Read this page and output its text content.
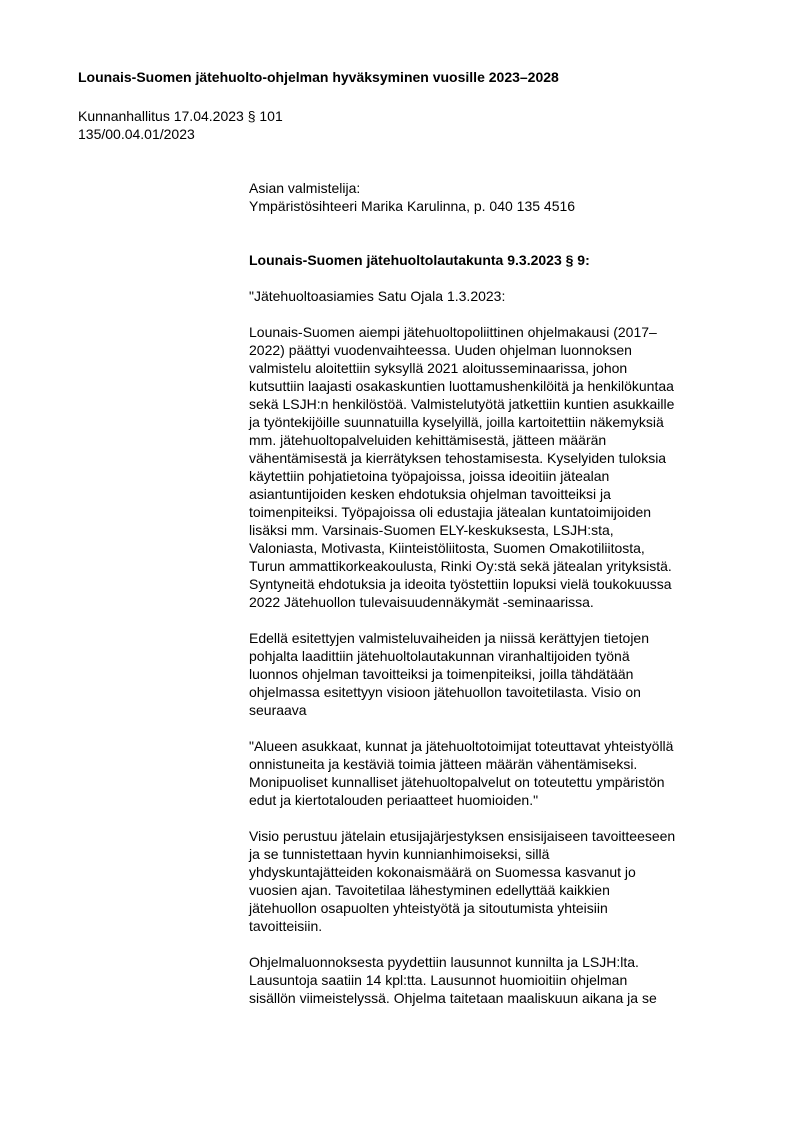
Lounais-Suomen jätehuolto-ohjelman hyväksyminen vuosille 2023–2028
Kunnanhallitus 17.04.2023 § 101
135/00.04.01/2023
Asian valmistelija:
Ympäristösihteeri Marika Karulinna, p. 040 135 4516
Lounais-Suomen jätehuoltolautakunta 9.3.2023 § 9:
"Jätehuoltoasiamies Satu Ojala 1.3.2023:
Lounais-Suomen aiempi jätehuoltopoliittinen ohjelmakausi (2017–
2022) päättyi vuodenvaihteessa. Uuden ohjelman luonnoksen
valmistelu aloitettiin syksyllä 2021 aloitusseminaarissa, johon
kutsuttiin laajasti osakaskuntien luottamushenkilöitä ja henkilökuntaa
sekä LSJH:n henkilöstöä. Valmistelutyötä jatkettiin kuntien asukkaille
ja työntekijöille suunnatuilla kyselyillä, joilla kartoitettiin näkemyksiä
mm. jätehuoltopalveluiden kehittämisestä, jätteen määrän
vähentämisestä ja kierrätyksen tehostamisesta. Kyselyiden tuloksia
käytettiin pohjatietoina työpajoissa, joissa ideoitiin jätealan
asiantuntijoiden kesken ehdotuksia ohjelman tavoitteiksi ja
toimenpiteiksi. Työpajoissa oli edustajia jätealan kuntatoimijoiden
lisäksi mm. Varsinais-Suomen ELY-keskuksesta, LSJH:sta,
Valoniasta, Motivasta, Kiinteistöliitosta, Suomen Omakotiliitosta,
Turun ammattikorkeakoulusta, Rinki Oy:stä sekä jätealan yrityksistä.
Syntyneitä ehdotuksia ja ideoita työstettiin lopuksi vielä toukokuussa
2022 Jätehuollon tulevaisuudennäkymät -seminaarissa.
Edellä esitettyjen valmisteluvaiheiden ja niissä kerättyjen tietojen
pohjalta laadittiin jätehuoltolautakunnan viranhaltijoiden työnä
luonnos ohjelman tavoitteiksi ja toimenpiteiksi, joilla tähdätään
ohjelmassa esitettyyn visioon jätehuollon tavoitetilasta. Visio on
seuraava
"Alueen asukkaat, kunnat ja jätehuoltotoimijat toteuttavat yhteistyöllä
onnistuneita ja kestäviä toimia jätteen määrän vähentämiseksi.
Monipuoliset kunnalliset jätehuoltopalvelut on toteutettu ympäristön
edut ja kiertotalouden periaatteet huomioiden."
Visio perustuu jätelain etusijajärjestyksen ensisijaiseen tavoitteeseen
ja se tunnistettaan hyvin kunnianhimoiseksi, sillä
yhdyskuntajätteiden kokonaismäärä on Suomessa kasvanut jo
vuosien ajan. Tavoitetilaa lähestyminen edellyttää kaikkien
jätehuollon osapuolten yhteistyötä ja sitoutumista yhteisiin
tavoitteisiin.
Ohjelmaluonnoksesta pyydettiin lausunnot kunnilta ja LSJH:lta.
Lausuntoja saatiin 14 kpl:tta. Lausunnot huomioitiin ohjelman
sisällön viimeistelyssä. Ohjelma taitetaan maaliskuun aikana ja se
